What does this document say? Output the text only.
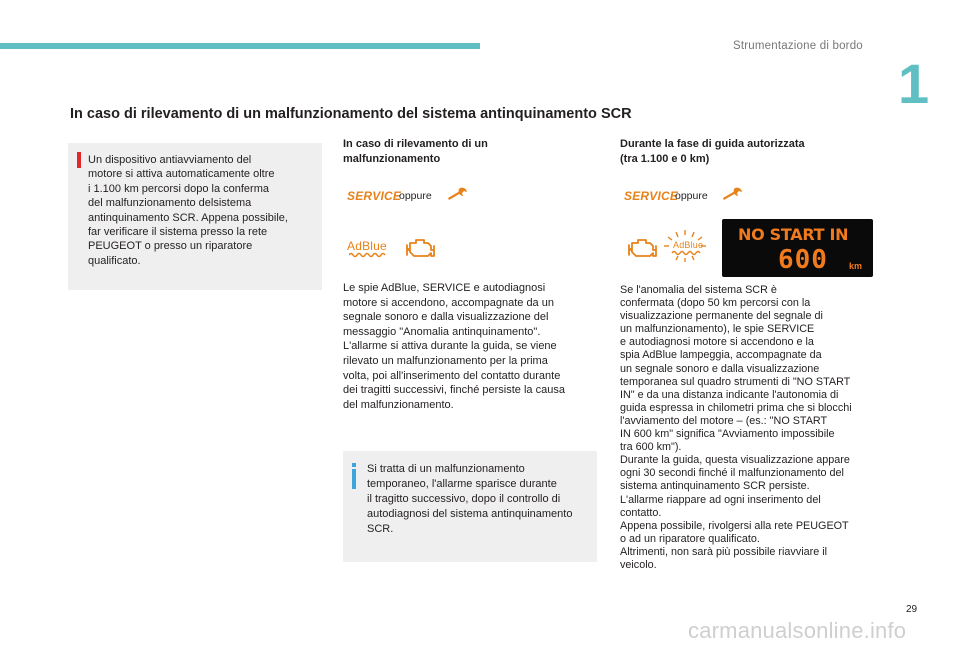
Strumentazione di bordo
1
In caso di rilevamento di un malfunzionamento del sistema antinquinamento SCR
Un dispositivo antiavviamento del
motore si attiva automaticamente oltre
i 1.100 km percorsi dopo la conferma
del malfunzionamento delsistema
antinquinamento SCR. Appena possibile,
far verificare il sistema presso la rete
PEUGEOT o presso un riparatore
qualificato.
In caso di rilevamento di un
malfunzionamento
SERVICE
oppure
AdBlue
Le spie AdBlue, SERVICE e autodiagnosi
motore si accendono, accompagnate da un
segnale sonoro e dalla visualizzazione del
messaggio "Anomalia antinquinamento".
L'allarme si attiva durante la guida, se viene
rilevato un malfunzionamento per la prima
volta, poi all'inserimento del contatto durante
dei tragitti successivi, finché persiste la causa
del malfunzionamento.
Si tratta di un malfunzionamento
temporaneo, l'allarme sparisce durante
il tragitto successivo, dopo il controllo di
autodiagnosi del sistema antinquinamento
SCR.
Durante la fase di guida autorizzata
(tra 1.100 e 0 km)
SERVICE
oppure
AdBlue
NO START IN
600 km
Se l'anomalia del sistema SCR è
confermata (dopo 50 km percorsi con la
visualizzazione permanente del segnale di
un malfunzionamento), le spie SERVICE
e autodiagnosi motore si accendono e la
spia AdBlue lampeggia, accompagnate da
un segnale sonoro e dalla visualizzazione
temporanea sul quadro strumenti di "NO START
IN" e da una distanza indicante l'autonomia di
guida espressa in chilometri prima che si blocchi
l'avviamento del motore – (es.: "NO START
IN 600 km" significa "Avviamento impossibile
tra 600 km").
Durante la guida, questa visualizzazione appare
ogni 30 secondi finché il malfunzionamento del
sistema antinquinamento SCR persiste.
L'allarme riappare ad ogni inserimento del
contatto.
Appena possibile, rivolgersi alla rete PEUGEOT
o ad un riparatore qualificato.
Altrimenti, non sarà più possibile riavviare il
veicolo.
29
carmanualsonline.info
